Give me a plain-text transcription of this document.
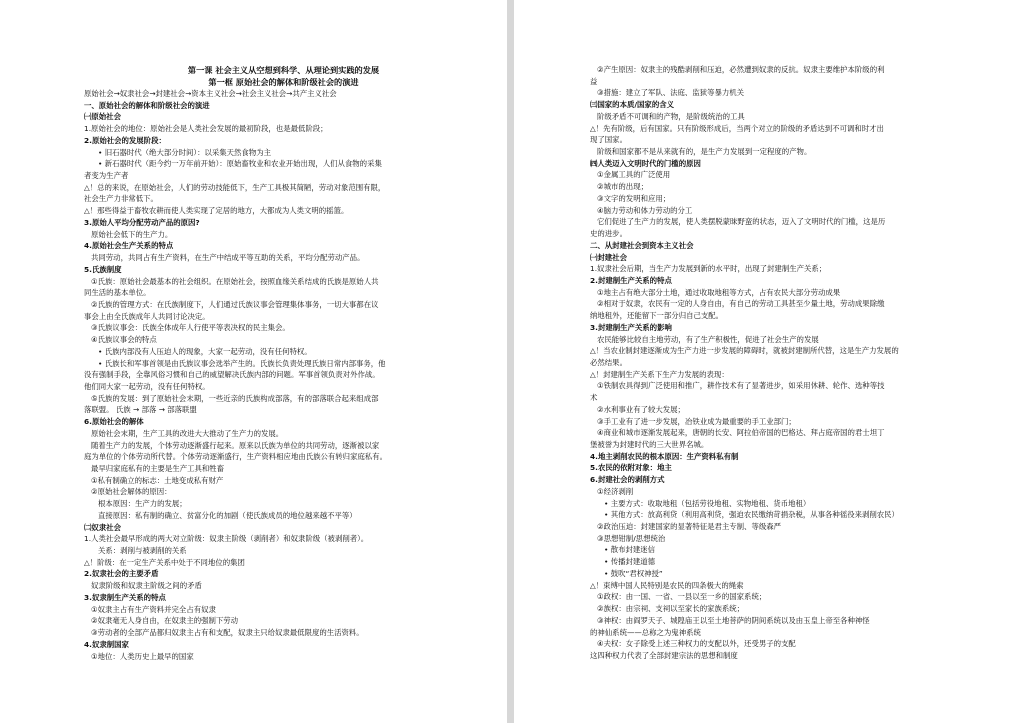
第一课 社会主义从空想到科学、从理论到实践的发展
第一框 原始社会的解体和阶级社会的演进
原始社会→奴隶社会→封建社会→资本主义社会→社会主义社会→共产主义社会
一、原始社会的解体和阶级社会的演进
㈠原始社会
1.原始社会的地位：原始社会是人类社会发展的最初阶段，也是最低阶段；
2.原始社会的发展阶段：
• 旧石器时代（绝大部分时间）：以采集天然食物为主
• 新石器时代（距今约一万年前开始）：原始畜牧业和农业开始出现，人们从食物的采集
者变为生产者
△！总的来说，在原始社会，人们的劳动技能低下，生产工具极其简陋，劳动对象范围有限，
社会生产力非常低下。
△！那些得益于畜牧农耕而使人类实现了定居的地方，大都成为人类文明的摇篮。
3.原始人平均分配劳动产品的原因?
原始社会低下的生产力。
4.原始社会生产关系的特点
共同劳动，共同占有生产资料，在生产中结成平等互助的关系，平均分配劳动产品。
5.氏族制度
①氏族：原始社会最基本的社会组织。在原始社会，按照血缘关系结成的氏族是原始人共
同生活的基本单位。
②氏族的管理方式：在氏族制度下，人们通过氏族议事会管理集体事务，一切大事都在议
事会上由全氏族成年人共同讨论决定。
③氏族议事会：氏族全体成年人行使平等表决权的民主集会。
④氏族议事会的特点
• 氏族内部没有人压迫人的现象，大家一起劳动，没有任何特权。
• 氏族长和军事首领是由氏族议事会选举产生的。氏族长负责处理氏族日常内部事务，他
没有强制手段，全靠风俗习惯和自己的威望解决氏族内部的问题。军事首领负责对外作战。
他们同大家一起劳动，没有任何特权。
⑤氏族的发展：到了原始社会末期，一些近亲的氏族构成部落，有的部落联合起来组成部
落联盟。 氏族 → 部落 → 部落联盟
6.原始社会的解体
原始社会末期，生产工具的改进大大推动了生产力的发展。
随着生产力的发展，个体劳动逐渐盛行起来。原来以氏族为单位的共同劳动，逐渐被以家
庭为单位的个体劳动所代替。个体劳动逐渐盛行，生产资料相应地由氏族公有转归家庭私有。
最早归家庭私有的主要是生产工具和牲畜
①私有制确立的标志：土地变成私有财产
②原始社会解体的原因：
根本原因：生产力的发展；
直接原因：私有制的确立、贫富分化的加剧（使氏族成员的地位越来越不平等）
㈡奴隶社会
1.人类社会最早形成的两大对立阶级：奴隶主阶级（剥削者）和奴隶阶级（被剥削者）。
关系：剥削与被剥削的关系
△！阶级：在一定生产关系中处于不同地位的集团
2.奴隶社会的主要矛盾
奴隶阶级和奴隶主阶级之间的矛盾
3.奴隶制生产关系的特点
①奴隶主占有生产资料并完全占有奴隶
②奴隶毫无人身自由，在奴隶主的强制下劳动
③劳动者的全部产品都归奴隶主占有和支配，奴隶主只给奴隶最低限度的生活资料。
4.奴隶制国家
①地位：人类历史上最早的国家
②产生原因：奴隶主的残酷剥削和压迫，必然遭到奴隶的反抗。奴隶主要维护本阶级的利
益
③措施：建立了军队、法庭、监狱等暴力机关
㈢国家的本质/国家的含义
阶级矛盾不可调和的产物，是阶级统治的工具
△！先有阶级，后有国家。只有阶级形成后，当两个对立的阶级的矛盾达到不可调和时才出
现了国家。
阶级和国家都不是从来就有的，是生产力发展到一定程度的产物。
㈣人类迈入文明时代的门槛的原因
①金属工具的广泛使用
②城市的出现；
③文字的发明和应用；
④脑力劳动和体力劳动的分工
它们促进了生产力的发展，使人类摆脱蒙昧野蛮的状态，迈入了文明时代的门槛，这是历
史的进步。
二、从封建社会到资本主义社会
㈠封建社会
1.奴隶社会后期，当生产力发展到新的水平时，出现了封建制生产关系；
2.封建制生产关系的特点
①地主占有绝大部分土地，通过收取地租等方式，占有农民大部分劳动成果
②相对于奴隶，农民有一定的人身自由，有自己的劳动工具甚至少量土地，劳动成果除缴
纳地租外，还能留下一部分归自己支配。
3.封建制生产关系的影响
农民能够比较自主地劳动，有了生产积极性，促进了社会生产的发展
△！当农业制封建逐渐成为生产力进一步发展的障碍时，就被封建制所代替，这是生产力发展的
必然结果。
△！封建制生产关系下生产力发展的表现：
①铁制农具得到广泛使用和推广，耕作技术有了显著进步，如采用休耕、轮作、选种等技
术
②水利事业有了较大发展；
③手工业有了进一步发展，冶铁业成为最重要的手工业部门；
④商业和城市逐渐发展起来，唐朝的长安、阿拉伯帝国的巴格达、拜占庭帝国的君士坦丁
堡被誉为封建时代的三大世界名城。
4.地主剥削农民的根本原因：生产资料私有制
5.农民的依附对象：地主
6.封建社会的剥削方式
①经济剥削
• 主要方式：收取地租（包括劳役地租、实物地租、货币地租）
• 其他方式：放高利贷（利用高利贷，强迫农民缴纳苛捐杂税，从事各种徭役来剥削农民）
②政治压迫：封建国家的显著特征是君主专制、等级森严
③思想钳制/思想统治
• 散布封建迷信
• 传播封建道德
• 鼓吹“君权神授”
△！束缚中国人民特别是农民的四条极大的绳索
①政权：由一国、一省、一县以至一乡的国家系统；
②族权：由宗祠、支祠以至家长的家族系统；
③神权：由阎罗天子、城隍庙王以至土地菩萨的阴间系统以及由玉皇上帝至各种神怪
的神仙系统——总称之为鬼神系统
④夫权：女子除受上述三种权力的支配以外，还受男子的支配
这四种权力代表了全部封建宗法的思想和制度
